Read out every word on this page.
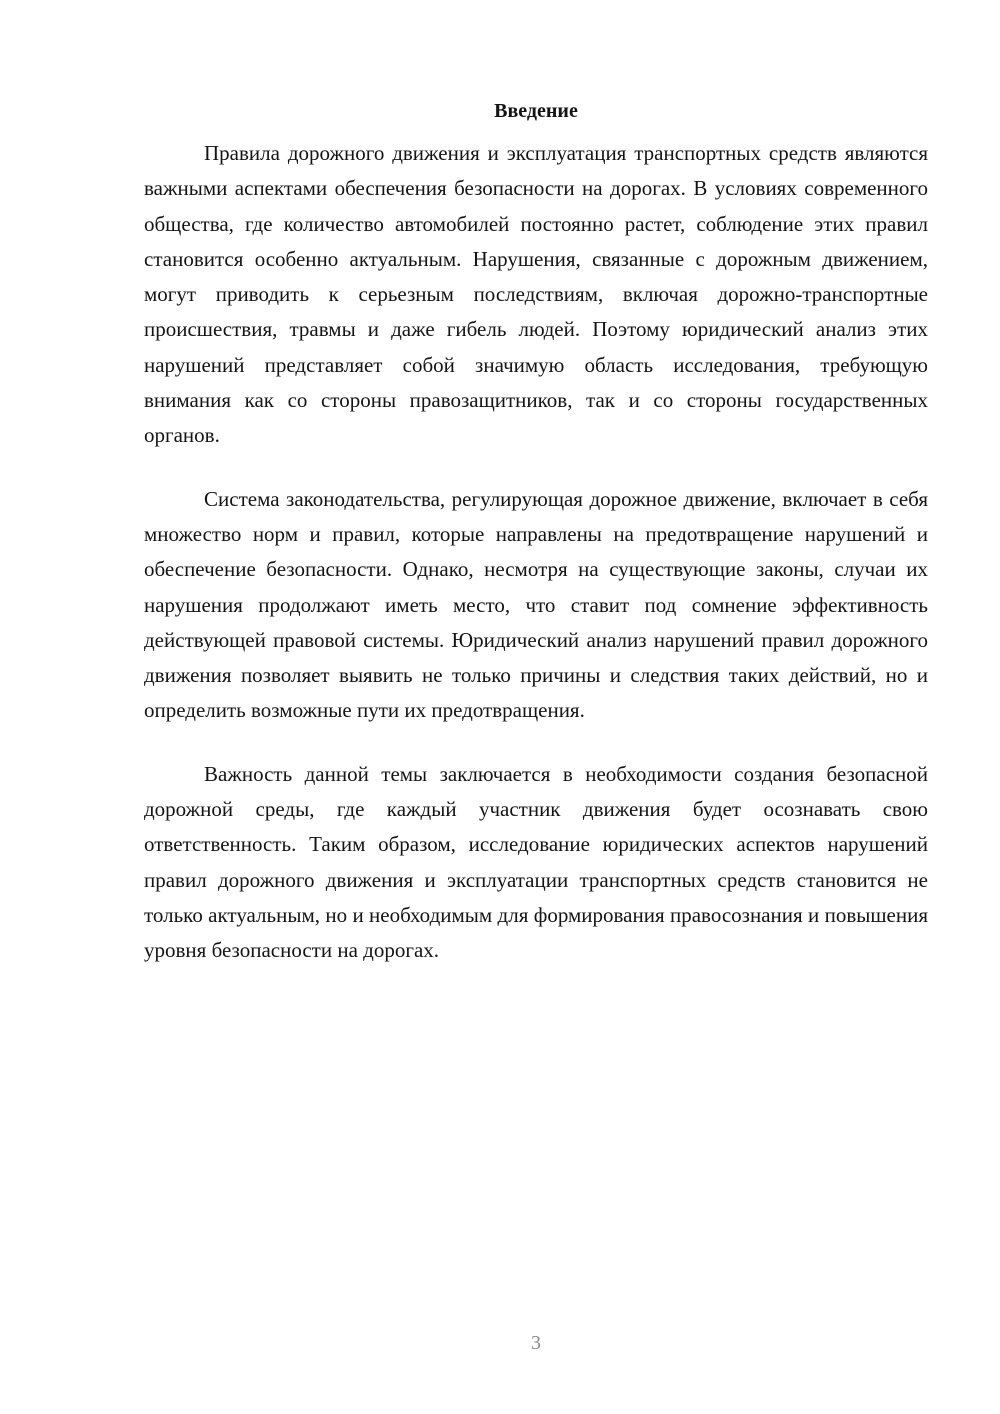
Введение

Правила дорожного движения и эксплуатация транспортных средств являются важными аспектами обеспечения безопасности на дорогах. В условиях современного общества, где количество автомобилей постоянно растет, соблюдение этих правил становится особенно актуальным. Нарушения, связанные с дорожным движением, могут приводить к серьезным последствиям, включая дорожно-транспортные происшествия, травмы и даже гибель людей. Поэтому юридический анализ этих нарушений представляет собой значимую область исследования, требующую внимания как со стороны правозащитников, так и со стороны государственных органов.

Система законодательства, регулирующая дорожное движение, включает в себя множество норм и правил, которые направлены на предотвращение нарушений и обеспечение безопасности. Однако, несмотря на существующие законы, случаи их нарушения продолжают иметь место, что ставит под сомнение эффективность действующей правовой системы. Юридический анализ нарушений правил дорожного движения позволяет выявить не только причины и следствия таких действий, но и определить возможные пути их предотвращения.

Важность данной темы заключается в необходимости создания безопасной дорожной среды, где каждый участник движения будет осознавать свою ответственность. Таким образом, исследование юридических аспектов нарушений правил дорожного движения и эксплуатации транспортных средств становится не только актуальным, но и необходимым для формирования правосознания и повышения уровня безопасности на дорогах.

3
